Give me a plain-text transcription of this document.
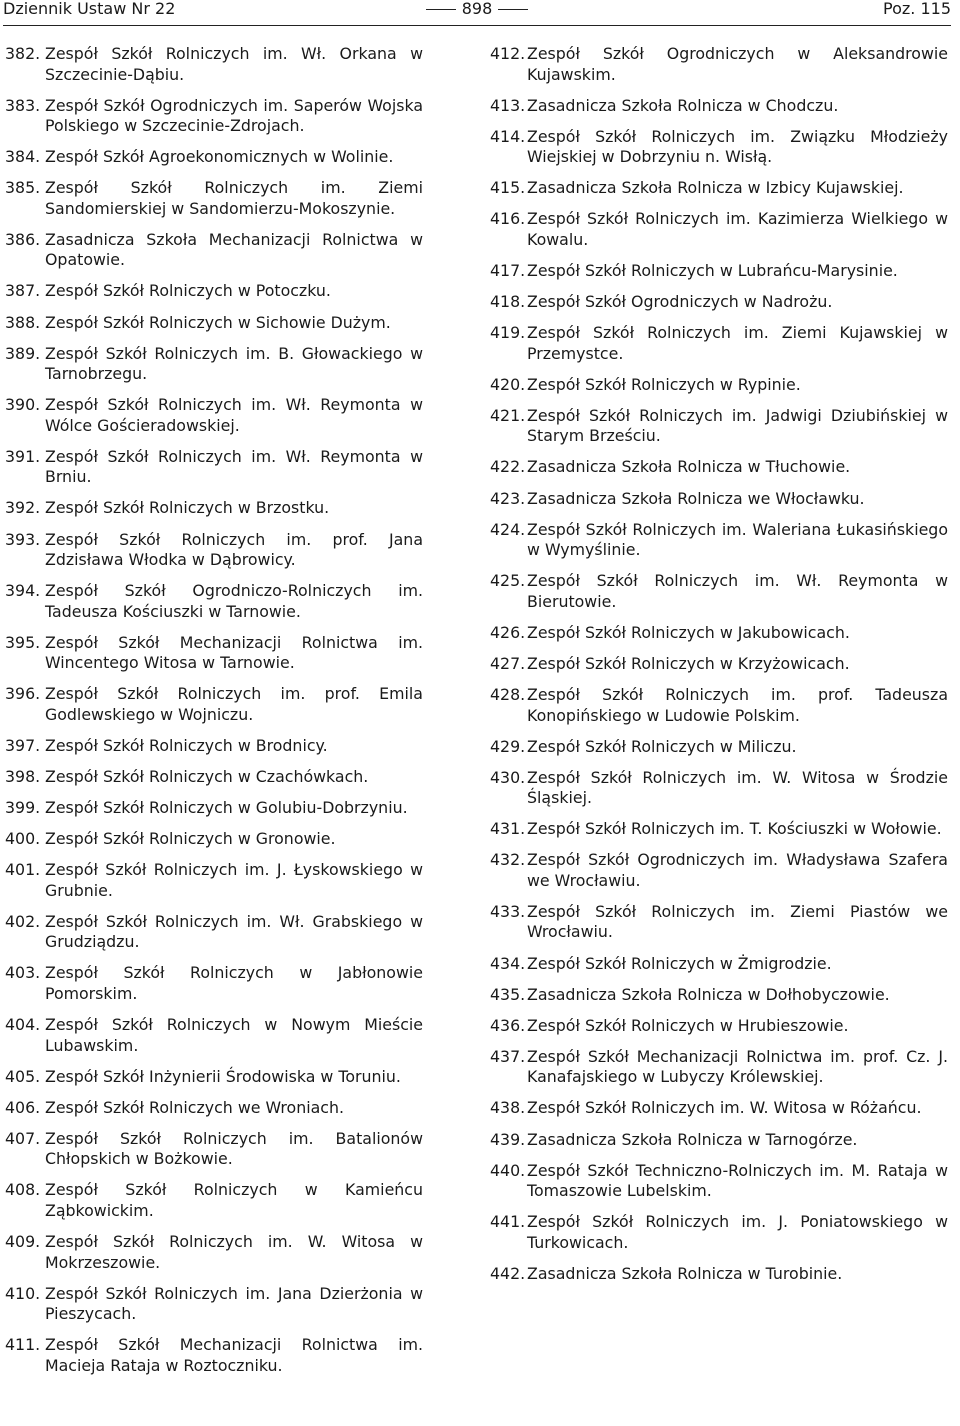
Dziennik Ustaw Nr 22	898	Poz. 115
382. Zespół Szkół Rolniczych im. Wł. Orkana w Szczecinie-Dąbiu.
383. Zespół Szkół Ogrodniczych im. Saperów Wojska Polskiego w Szczecinie-Zdrojach.
384. Zespół Szkół Agroekonomicznych w Wolinie.
385. Zespół Szkół Rolniczych im. Ziemi Sandomierskiej w Sandomierzu-Mokoszynie.
386. Zasadnicza Szkoła Mechanizacji Rolnictwa w Opatowie.
387. Zespół Szkół Rolniczych w Potoczku.
388. Zespół Szkół Rolniczych w Sichowie Dużym.
389. Zespół Szkół Rolniczych im. B. Głowackiego w Tarnobrzegu.
390. Zespół Szkół Rolniczych im. Wł. Reymonta w Wólce Gościeradowskiej.
391. Zespół Szkół Rolniczych im. Wł. Reymonta w Brniu.
392. Zespół Szkół Rolniczych w Brzostku.
393. Zespół Szkół Rolniczych im. prof. Jana Zdzisława Włodka w Dąbrowicy.
394. Zespół Szkół Ogrodniczo-Rolniczych im. Tadeusza Kościuszki w Tarnowie.
395. Zespół Szkół Mechanizacji Rolnictwa im. Wincentego Witosa w Tarnowie.
396. Zespół Szkół Rolniczych im. prof. Emila Godlewskiego w Wojniczu.
397. Zespół Szkół Rolniczych w Brodnicy.
398. Zespół Szkół Rolniczych w Czachówkach.
399. Zespół Szkół Rolniczych w Golubiu-Dobrzyniu.
400. Zespół Szkół Rolniczych w Gronowie.
401. Zespół Szkół Rolniczych im. J. Łyskowskiego w Grubnie.
402. Zespół Szkół Rolniczych im. Wł. Grabskiego w Grudziądzu.
403. Zespół Szkół Rolniczych w Jabłonowie Pomorskim.
404. Zespół Szkół Rolniczych w Nowym Mieście Lubawskim.
405. Zespół Szkół Inżynierii Środowiska w Toruniu.
406. Zespół Szkół Rolniczych we Wroniach.
407. Zespół Szkół Rolniczych im. Batalionów Chłopskich w Bożkowie.
408. Zespół Szkół Rolniczych w Kamieńcu Ząbkowickim.
409. Zespół Szkół Rolniczych im. W. Witosa w Mokrzeszowie.
410. Zespół Szkół Rolniczych im. Jana Dzierżonia w Pieszycach.
411. Zespół Szkół Mechanizacji Rolnictwa im. Macieja Rataja w Roztoczniku.
412. Zespół Szkół Ogrodniczych w Aleksandrowie Kujawskim.
413. Zasadnicza Szkoła Rolnicza w Chodczu.
414. Zespół Szkół Rolniczych im. Związku Młodzieży Wiejskiej w Dobrzyniu n. Wisłą.
415. Zasadnicza Szkoła Rolnicza w Izbicy Kujawskiej.
416. Zespół Szkół Rolniczych im. Kazimierza Wielkiego w Kowalu.
417. Zespół Szkół Rolniczych w Lubrańcu-Marysinie.
418. Zespół Szkół Ogrodniczych w Nadrożu.
419. Zespół Szkół Rolniczych im. Ziemi Kujawskiej w Przemystce.
420. Zespół Szkół Rolniczych w Rypinie.
421. Zespół Szkół Rolniczych im. Jadwigi Dziubińskiej w Starym Brześciu.
422. Zasadnicza Szkoła Rolnicza w Tłuchowie.
423. Zasadnicza Szkoła Rolnicza we Włocławku.
424. Zespół Szkół Rolniczych im. Waleriana Łukasińskiego w Wymyślinie.
425. Zespół Szkół Rolniczych im. Wł. Reymonta w Bierutowie.
426. Zespół Szkół Rolniczych w Jakubowicach.
427. Zespół Szkół Rolniczych w Krzyżowicach.
428. Zespół Szkół Rolniczych im. prof. Tadeusza Konopińskiego w Ludowie Polskim.
429. Zespół Szkół Rolniczych w Miliczu.
430. Zespół Szkół Rolniczych im. W. Witosa w Środzie Śląskiej.
431. Zespół Szkół Rolniczych im. T. Kościuszki w Wołowie.
432. Zespół Szkół Ogrodniczych im. Władysława Szafera we Wrocławiu.
433. Zespół Szkół Rolniczych im. Ziemi Piastów we Wrocławiu.
434. Zespół Szkół Rolniczych w Żmigrodzie.
435. Zasadnicza Szkoła Rolnicza w Dołhobyczowie.
436. Zespół Szkół Rolniczych w Hrubieszowie.
437. Zespół Szkół Mechanizacji Rolnictwa im. prof. Cz. J. Kanafajskiego w Lubyczy Królewskiej.
438. Zespół Szkół Rolniczych im. W. Witosa w Różańcu.
439. Zasadnicza Szkoła Rolnicza w Tarnogórze.
440. Zespół Szkół Techniczno-Rolniczych im. M. Rataja w Tomaszowie Lubelskim.
441. Zespół Szkół Rolniczych im. J. Poniatowskiego w Turkowicach.
442. Zasadnicza Szkoła Rolnicza w Turobinie.
